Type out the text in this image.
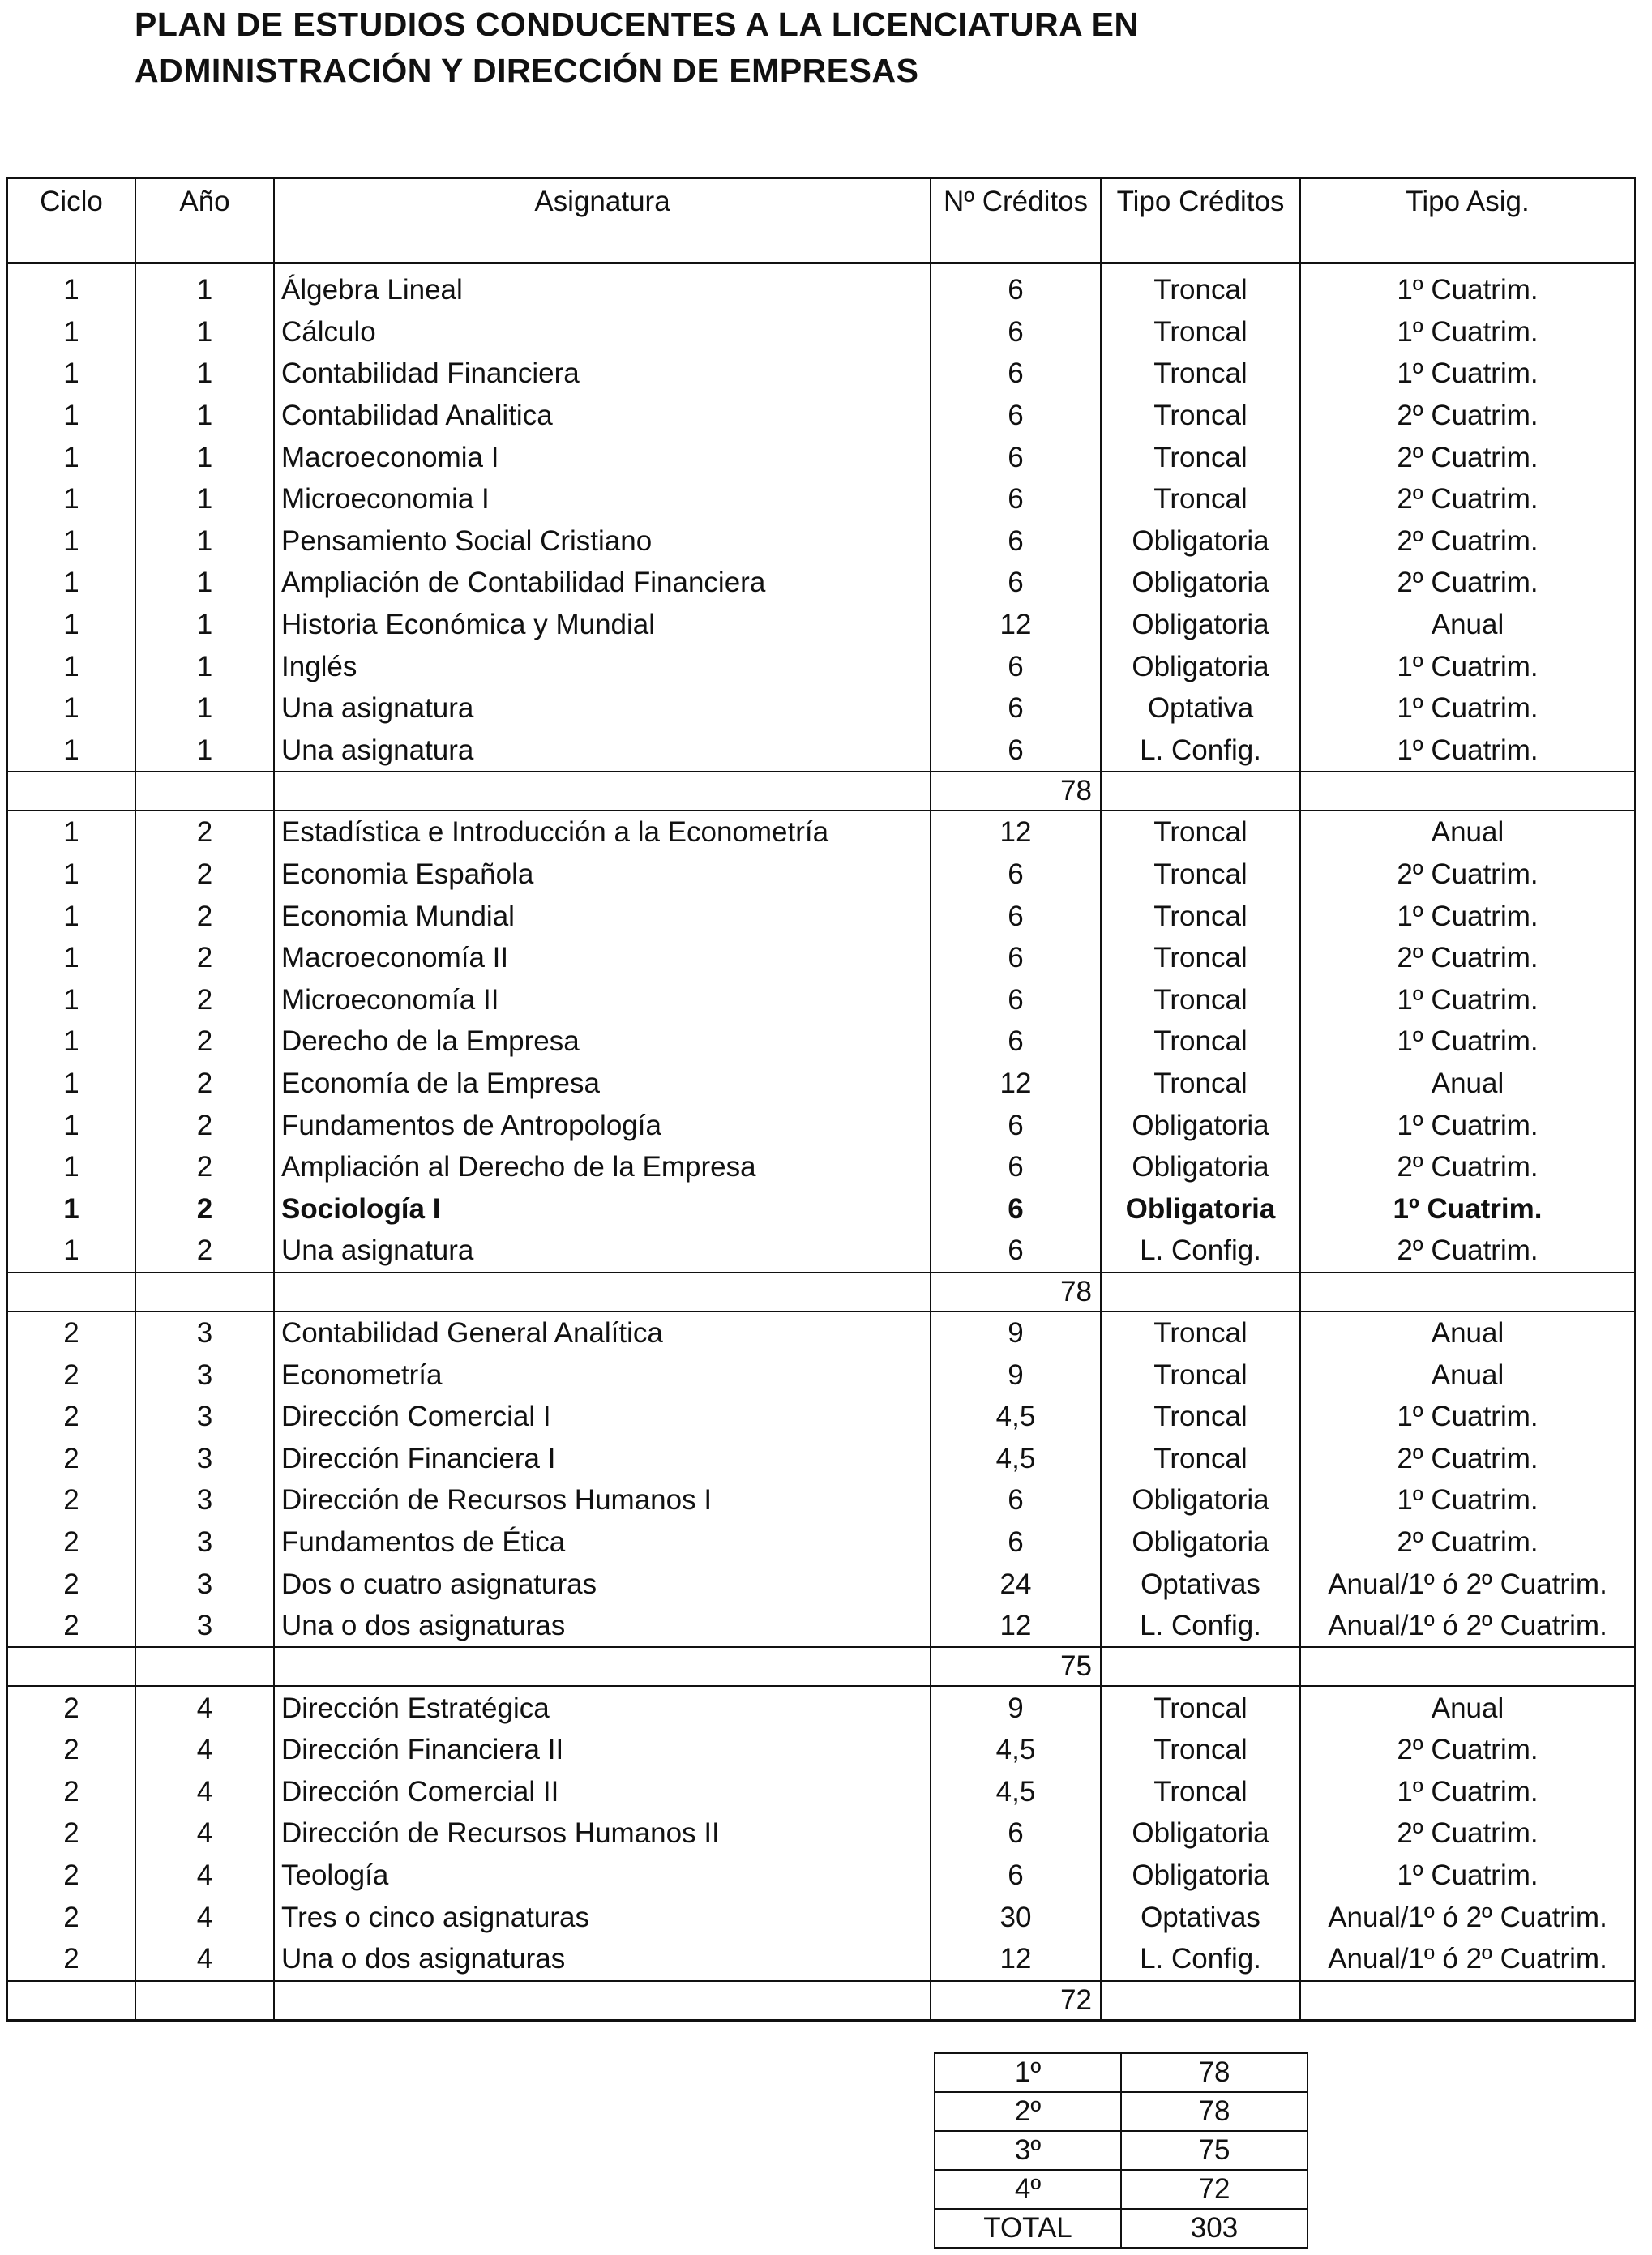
PLAN DE ESTUDIOS CONDUCENTES A LA LICENCIATURA EN
ADMINISTRACIÓN Y DIRECCIÓN DE EMPRESAS
Ciclo	Año	Asignatura	Nº Créditos	Tipo Créditos	Tipo Asig.

1	1	Álgebra Lineal	6	Troncal	1º Cuatrim.
1	1	Cálculo	6	Troncal	1º Cuatrim.
1	1	Contabilidad Financiera	6	Troncal	1º Cuatrim.
1	1	Contabilidad Analitica	6	Troncal	2º Cuatrim.
1	1	Macroeconomia I	6	Troncal	2º Cuatrim.
1	1	Microeconomia I	6	Troncal	2º Cuatrim.
1	1	Pensamiento Social Cristiano	6	Obligatoria	2º Cuatrim.
1	1	Ampliación de Contabilidad Financiera	6	Obligatoria	2º Cuatrim.
1	1	Historia Económica y Mundial	12	Obligatoria	Anual
1	1	Inglés	6	Obligatoria	1º Cuatrim.
1	1	Una asignatura	6	Optativa	1º Cuatrim.
1	1	Una asignatura	6	L. Config.	1º Cuatrim.
			78		
1	2	Estadística e Introducción a la Econometría	12	Troncal	Anual
1	2	Economia Española	6	Troncal	2º Cuatrim.
1	2	Economia Mundial	6	Troncal	1º Cuatrim.
1	2	Macroeconomía II	6	Troncal	2º Cuatrim.
1	2	Microeconomía II	6	Troncal	1º Cuatrim.
1	2	Derecho de la Empresa	6	Troncal	1º Cuatrim.
1	2	Economía de la Empresa	12	Troncal	Anual
1	2	Fundamentos de Antropología	6	Obligatoria	1º Cuatrim.
1	2	Ampliación al Derecho de la Empresa	6	Obligatoria	2º Cuatrim.
1	2	Sociología I	6	Obligatoria	1º Cuatrim.
1	2	Una asignatura	6	L. Config.	2º Cuatrim.
			78		
2	3	Contabilidad General Analítica	9	Troncal	Anual
2	3	Econometría	9	Troncal	Anual
2	3	Dirección Comercial I	4,5	Troncal	1º Cuatrim.
2	3	Dirección Financiera I	4,5	Troncal	2º Cuatrim.
2	3	Dirección de Recursos Humanos I	6	Obligatoria	1º Cuatrim.
2	3	Fundamentos de Ética	6	Obligatoria	2º Cuatrim.
2	3	Dos o cuatro asignaturas	24	Optativas	Anual/1º ó 2º Cuatrim.
2	3	Una o dos asignaturas	12	L. Config.	Anual/1º ó 2º Cuatrim.
			75		
2	4	Dirección Estratégica	9	Troncal	Anual
2	4	Dirección Financiera II	4,5	Troncal	2º Cuatrim.
2	4	Dirección Comercial II	4,5	Troncal	1º Cuatrim.
2	4	Dirección de Recursos Humanos II	6	Obligatoria	2º Cuatrim.
2	4	Teología	6	Obligatoria	1º Cuatrim.
2	4	Tres o cinco asignaturas	30	Optativas	Anual/1º ó 2º Cuatrim.
2	4	Una o dos asignaturas	12	L. Config.	Anual/1º ó 2º Cuatrim.
			72		
1º	78
2º	78
3º	75
4º	72
TOTAL	303
